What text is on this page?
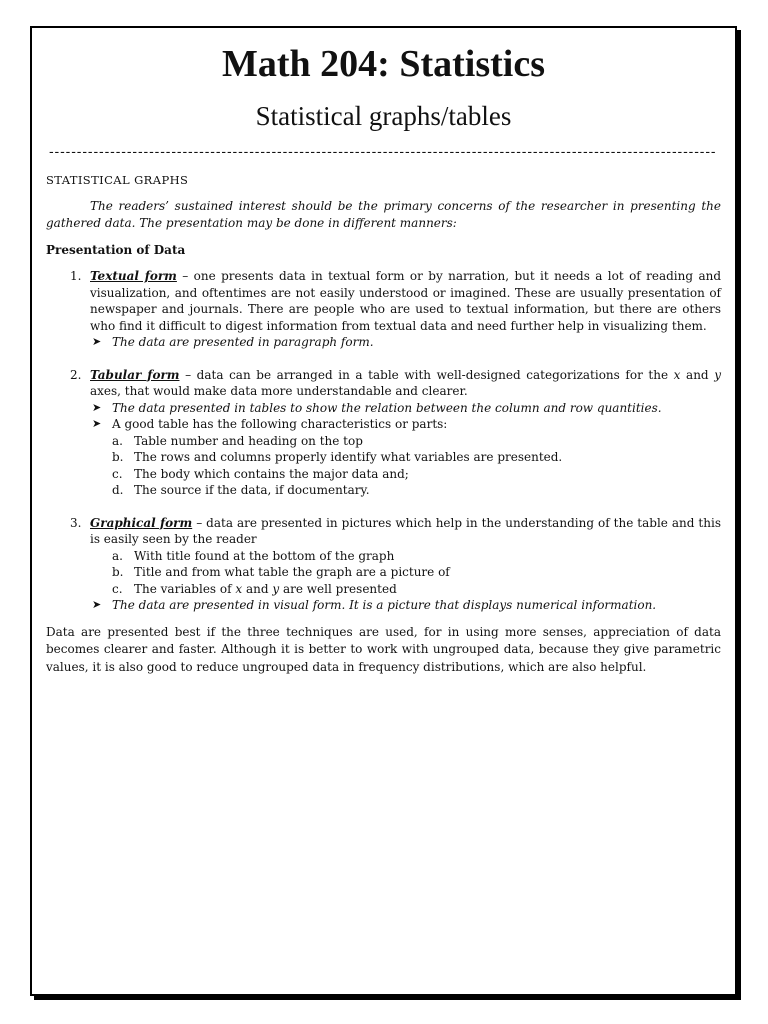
Math 204: Statistics
Statistical graphs/tables
------------------------------------------------------------------------------------------------------------------------
STATISTICAL GRAPHS

The readers’ sustained interest should be the primary concerns of the researcher in presenting the gathered data. The presentation may be done in different manners:

Presentation of Data
1. Textual form – one presents data in textual form or by narration, but it needs a lot of reading and visualization, and oftentimes are not easily understood or imagined. These are usually presentation of newspaper and journals. There are people who are used to textual information, but there are others who find it difficult to digest information from textual data and need further help in visualizing them.
➤ The data are presented in paragraph form.
2. Tabular form – data can be arranged in a table with well-designed categorizations for the x and y axes, that would make data more understandable and clearer.
➤ The data presented in tables to show the relation between the column and row quantities.
➤ A good table has the following characteristics or parts:
a. Table number and heading on the top
b. The rows and columns properly identify what variables are presented.
c. The body which contains the major data and;
d. The source if the data, if documentary.
3. Graphical form – data are presented in pictures which help in the understanding of the table and this is easily seen by the reader
a. With title found at the bottom of the graph
b. Title and from what table the graph are a picture of
c. The variables of x and y are well presented
➤ The data are presented in visual form. It is a picture that displays numerical information.

Data are presented best if the three techniques are used, for in using more senses, appreciation of data becomes clearer and faster. Although it is better to work with ungrouped data, because they give parametric values, it is also good to reduce ungrouped data in frequency distributions, which are also helpful.
